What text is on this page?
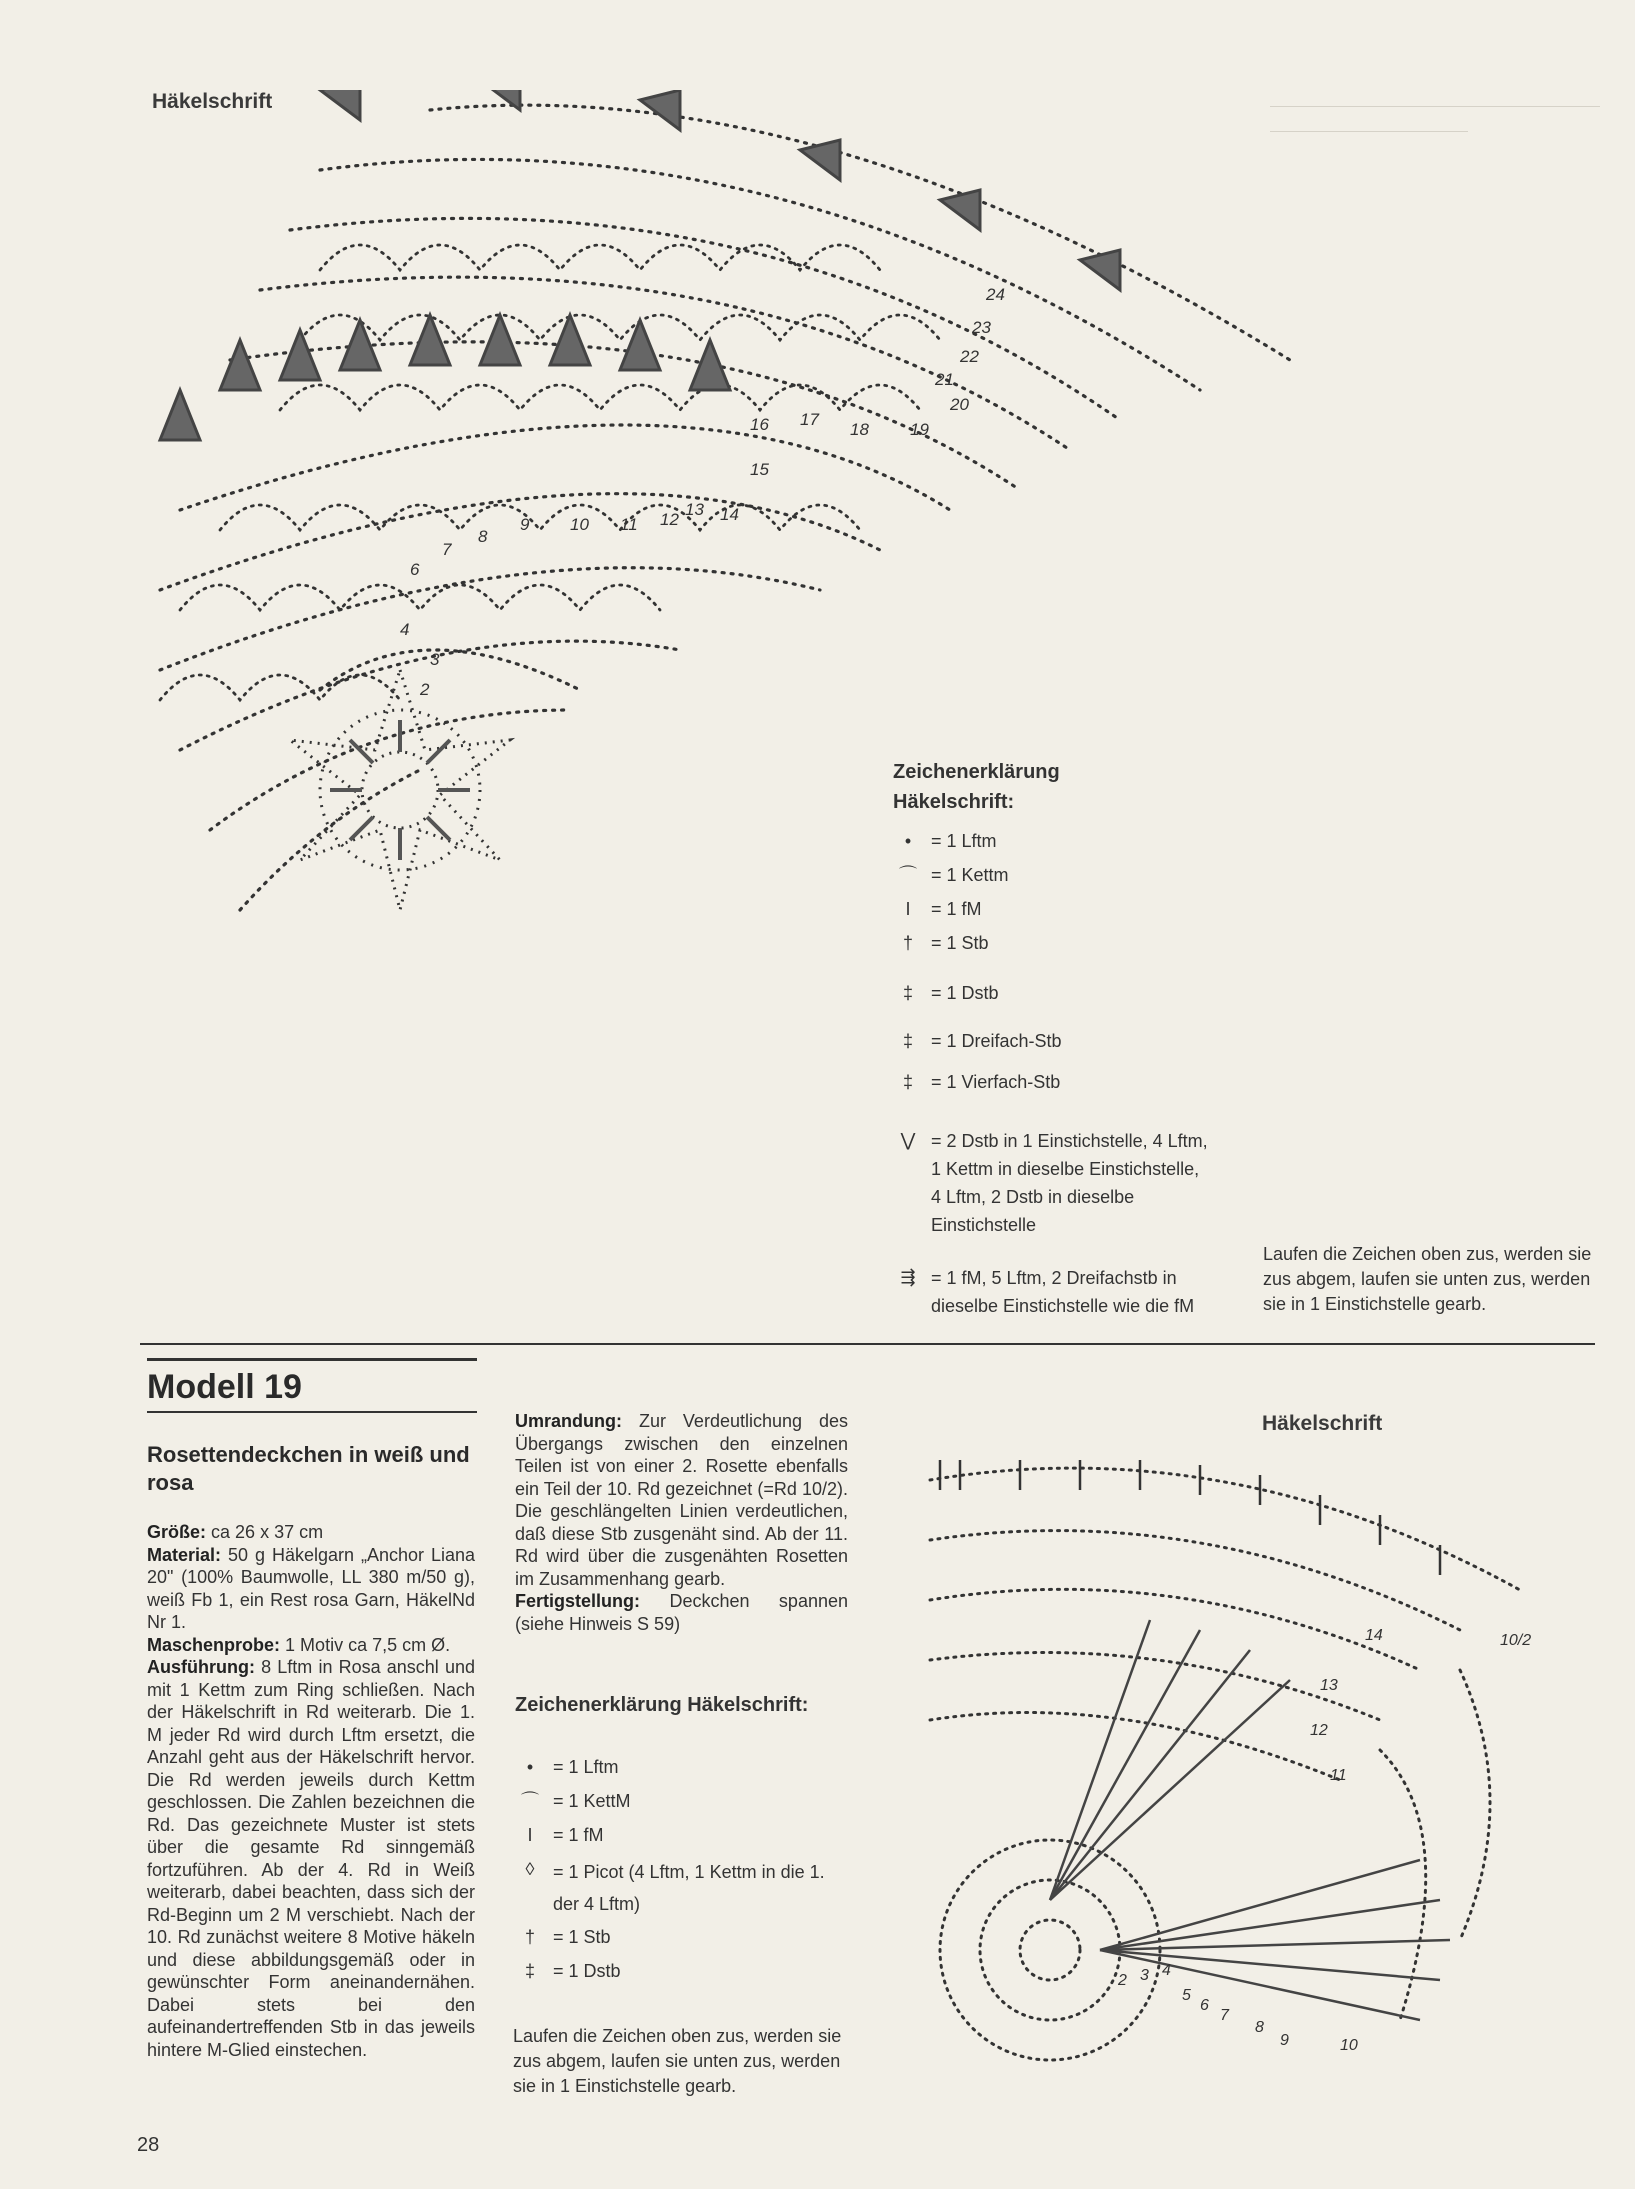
Häkelschrift
2
3
4
6
7
8
9 10 11 12
13 14
15
16 17
18 19
20
21
22
23
24
Zeichenerklärung
Häkelschrift:
•	= 1 Lftm
⌒ = 1 Kettm
I	= 1 fM
†	= 1 Stb
‡	= 1 Dstb
‡	= 1 Dreifach-Stb
‡	= 1 Vierfach-Stb
⋁ = 2 Dstb in 1 Einstichstelle, 4 Lftm, 1 Kettm in dieselbe Einstichstelle, 4 Lftm, 2 Dstb in dieselbe Einstichstelle
⇶ = 1 fM, 5 Lftm, 2 Dreifachstb in dieselbe Einstichstelle wie die fM
Laufen die Zeichen oben zus, werden sie zus abgem, laufen sie unten zus, werden sie in 1 Einstichstelle gearb.
Modell 19
Rosettendeckchen in weiß und rosa
Größe: ca 26 x 37 cm
Material: 50 g Häkelgarn „Anchor Liana 20" (100% Baumwolle, LL 380 m/50 g), weiß Fb 1, ein Rest rosa Garn, HäkelNd Nr 1.
Maschenprobe: 1 Motiv ca 7,5 cm Ø.
Ausführung: 8 Lftm in Rosa anschl und mit 1 Kettm zum Ring schließen. Nach der Häkelschrift in Rd weiterarb. Die 1. M jeder Rd wird durch Lftm ersetzt, die Anzahl geht aus der Häkelschrift hervor. Die Rd werden jeweils durch Kettm geschlossen. Die Zahlen bezeichnen die Rd. Das gezeichnete Muster ist stets über die gesamte Rd sinngemäß fortzuführen. Ab der 4. Rd in Weiß weiterarb, dabei beachten, dass sich der Rd-Beginn um 2 M verschiebt. Nach der 10. Rd zunächst weitere 8 Motive häkeln und diese abbildungsgemäß oder in gewünschter Form aneinandernähen. Dabei stets bei den aufeinandertreffenden Stb in das jeweils hintere M-Glied einstechen.
Umrandung: Zur Verdeutlichung des Übergangs zwischen den einzelnen Teilen ist von einer 2. Rosette ebenfalls ein Teil der 10. Rd gezeichnet (=Rd 10/2). Die geschlängelten Linien verdeutlichen, daß diese Stb zusgenäht sind. Ab der 11. Rd wird über die zusgenähten Rosetten im Zusammenhang gearb.
Fertigstellung: Deckchen spannen (siehe Hinweis S 59)
Zeichenerklärung Häkelschrift:
•	= 1 Lftm
⌒ = 1 KettM
I	= 1 fM
◊	= 1 Picot (4 Lftm, 1 Kettm in die 1. der 4 Lftm)
†	= 1 Stb
‡	= 1 Dstb
Laufen die Zeichen oben zus, werden sie zus abgem, laufen sie unten zus, werden sie in 1 Einstichstelle gearb.
Häkelschrift
2 3 4
5
6
7
8
9	10
10/2
11
12
13
14
28
